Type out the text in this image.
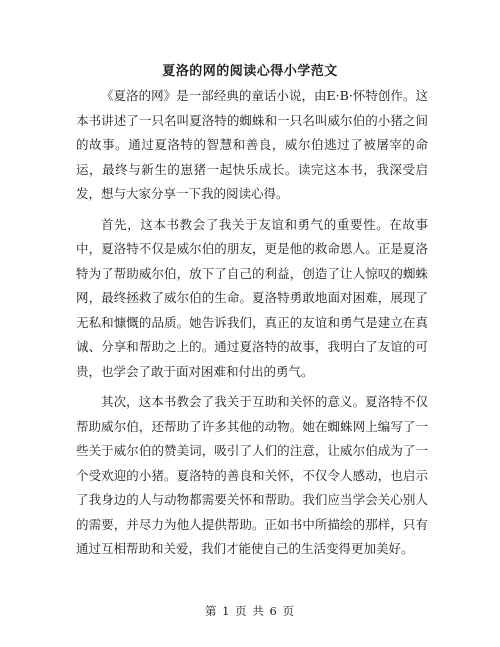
夏洛的网的阅读心得小学范文

《夏洛的网》是一部经典的童话小说，由E·B·怀特创作。这本书讲述了一只名叫夏洛特的蜘蛛和一只名叫威尔伯的小猪之间的故事。通过夏洛特的智慧和善良，威尔伯逃过了被屠宰的命运，最终与新生的崽猪一起快乐成长。读完这本书，我深受启发，想与大家分享一下我的阅读心得。

首先，这本书教会了我关于友谊和勇气的重要性。在故事中，夏洛特不仅是威尔伯的朋友，更是他的救命恩人。正是夏洛特为了帮助威尔伯，放下了自己的利益，创造了让人惊叹的蜘蛛网，最终拯救了威尔伯的生命。夏洛特勇敢地面对困难，展现了无私和慷慨的品质。她告诉我们，真正的友谊和勇气是建立在真诚、分享和帮助之上的。通过夏洛特的故事，我明白了友谊的可贵，也学会了敢于面对困难和付出的勇气。

其次，这本书教会了我关于互助和关怀的意义。夏洛特不仅帮助威尔伯，还帮助了许多其他的动物。她在蜘蛛网上编写了一些关于威尔伯的赞美词，吸引了人们的注意，让威尔伯成为了一个受欢迎的小猪。夏洛特的善良和关怀，不仅令人感动，也启示了我身边的人与动物都需要关怀和帮助。我们应当学会关心别人的需要，并尽力为他人提供帮助。正如书中所描绘的那样，只有通过互相帮助和关爱，我们才能使自己的生活变得更加美好。

第 1 页 共 6 页
